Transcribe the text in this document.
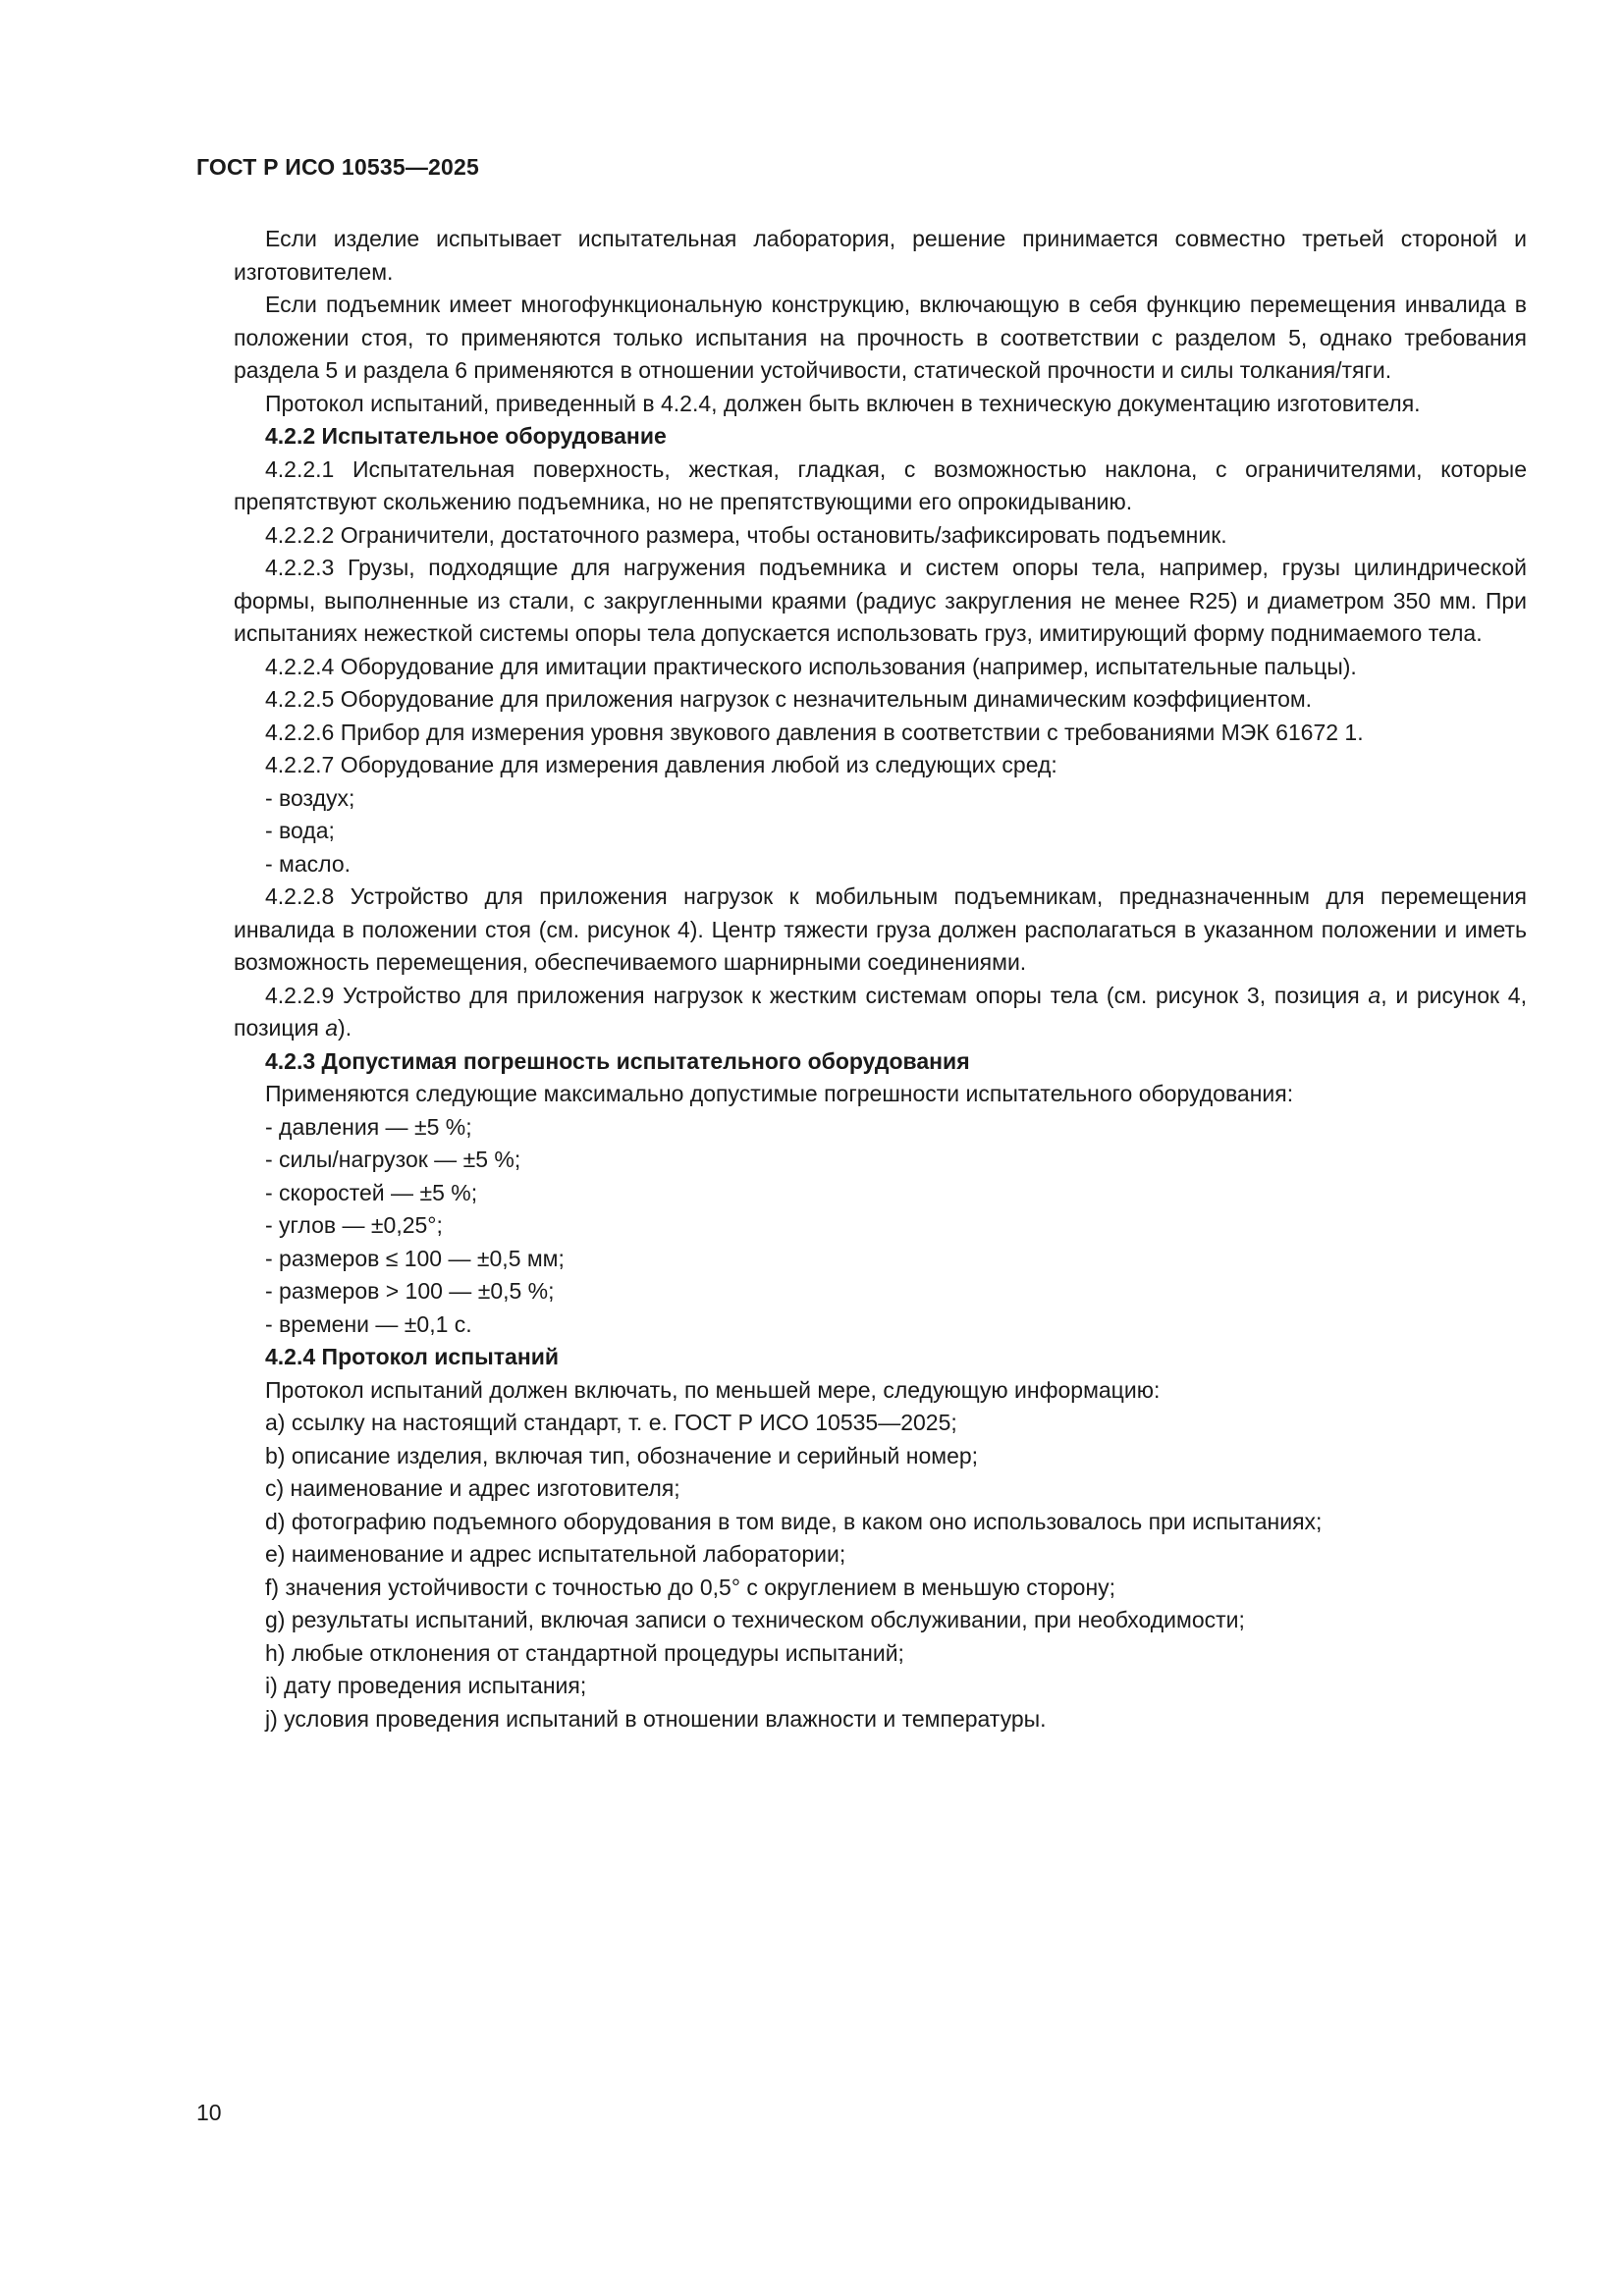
ГОСТ Р ИСО 10535—2025

Если изделие испытывает испытательная лаборатория, решение принимается совместно третьей стороной и изготовителем.

Если подъемник имеет многофункциональную конструкцию, включающую в себя функцию перемещения инвалида в положении стоя, то применяются только испытания на прочность в соответствии с разделом 5, однако требования раздела 5 и раздела 6 применяются в отношении устойчивости, статической прочности и силы толкания/тяги.

Протокол испытаний, приведенный в 4.2.4, должен быть включен в техническую документацию изготовителя.

4.2.2 Испытательное оборудование

4.2.2.1 Испытательная поверхность, жесткая, гладкая, с возможностью наклона, с ограничителями, которые препятствуют скольжению подъемника, но не препятствующими его опрокидыванию.

4.2.2.2 Ограничители, достаточного размера, чтобы остановить/зафиксировать подъемник.

4.2.2.3 Грузы, подходящие для нагружения подъемника и систем опоры тела, например, грузы цилиндрической формы, выполненные из стали, с закругленными краями (радиус закругления не менее R25) и диаметром 350 мм. При испытаниях нежесткой системы опоры тела допускается использовать груз, имитирующий форму поднимаемого тела.

4.2.2.4 Оборудование для имитации практического использования (например, испытательные пальцы).

4.2.2.5 Оборудование для приложения нагрузок с незначительным динамическим коэффициентом.

4.2.2.6 Прибор для измерения уровня звукового давления в соответствии с требованиями МЭК 61672 1.

4.2.2.7 Оборудование для измерения давления любой из следующих сред:

- воздух;

- вода;

- масло.

4.2.2.8 Устройство для приложения нагрузок к мобильным подъемникам, предназначенным для перемещения инвалида в положении стоя (см. рисунок 4). Центр тяжести груза должен располагаться в указанном положении и иметь возможность перемещения, обеспечиваемого шарнирными соединениями.

4.2.2.9 Устройство для приложения нагрузок к жестким системам опоры тела (см. рисунок 3, позиция а, и рисунок 4, позиция а).

4.2.3 Допустимая погрешность испытательного оборудования

Применяются следующие максимально допустимые погрешности испытательного оборудования:

- давления — ±5 %;

- силы/нагрузок — ±5 %;

- скоростей — ±5 %;

- углов — ±0,25°;

- размеров ≤ 100 — ±0,5 мм;

- размеров > 100 — ±0,5 %;

- времени — ±0,1 с.

4.2.4 Протокол испытаний

Протокол испытаний должен включать, по меньшей мере, следующую информацию:

a) ссылку на настоящий стандарт, т. е. ГОСТ Р ИСО 10535—2025;

b) описание изделия, включая тип, обозначение и серийный номер;

c) наименование и адрес изготовителя;

d) фотографию подъемного оборудования в том виде, в каком оно использовалось при испытаниях;

e) наименование и адрес испытательной лаборатории;

f) значения устойчивости с точностью до 0,5° с округлением в меньшую сторону;

g) результаты испытаний, включая записи о техническом обслуживании, при необходимости;

h) любые отклонения от стандартной процедуры испытаний;

i) дату проведения испытания;

j) условия проведения испытаний в отношении влажности и температуры.

10
